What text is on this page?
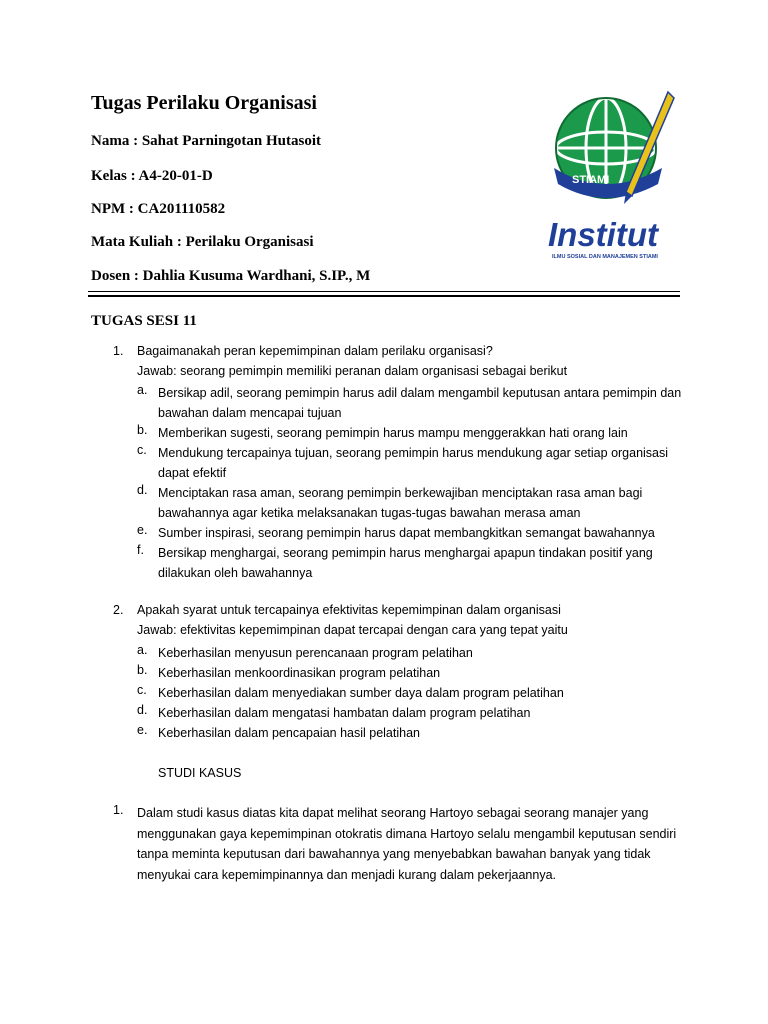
Tugas Perilaku Organisasi
Nama : Sahat Parningotan Hutasoit
Kelas : A4-20-01-D
NPM : CA201110582
Mata Kuliah : Perilaku Organisasi
Dosen : Dahlia Kusuma Wardhani, S.IP., M
STIAMI
Institut
ILMU SOSIAL DAN MANAJEMEN STIAMI
TUGAS SESI 11
1. Bagaimanakah peran kepemimpinan dalam perilaku organisasi?
Jawab: seorang pemimpin memiliki peranan dalam organisasi sebagai berikut
a. Bersikap adil, seorang pemimpin harus adil dalam mengambil keputusan antara pemimpin dan bawahan dalam mencapai tujuan
b. Memberikan sugesti, seorang pemimpin harus mampu menggerakkan hati orang lain
c. Mendukung tercapainya tujuan, seorang pemimpin harus mendukung agar setiap organisasi dapat efektif
d. Menciptakan rasa aman, seorang pemimpin berkewajiban menciptakan rasa aman bagi bawahannya agar ketika melaksanakan tugas-tugas bawahan merasa aman
e. Sumber inspirasi, seorang pemimpin harus dapat membangkitkan semangat bawahannya
f. Bersikap menghargai, seorang pemimpin harus menghargai apapun tindakan positif yang dilakukan oleh bawahannya
2. Apakah syarat untuk tercapainya efektivitas kepemimpinan dalam organisasi
Jawab: efektivitas kepemimpinan dapat tercapai dengan cara yang tepat yaitu
a. Keberhasilan menyusun perencanaan program pelatihan
b. Keberhasilan menkoordinasikan program pelatihan
c. Keberhasilan dalam menyediakan sumber daya dalam program pelatihan
d. Keberhasilan dalam mengatasi hambatan dalam program pelatihan
e. Keberhasilan dalam pencapaian hasil pelatihan
STUDI KASUS
1. Dalam studi kasus diatas kita dapat melihat seorang Hartoyo sebagai seorang manajer yang menggunakan gaya kepemimpinan otokratis dimana Hartoyo selalu mengambil keputusan sendiri tanpa meminta keputusan dari bawahannya yang menyebabkan bawahan banyak yang tidak menyukai cara kepemimpinannya dan menjadi kurang dalam pekerjaannya.
